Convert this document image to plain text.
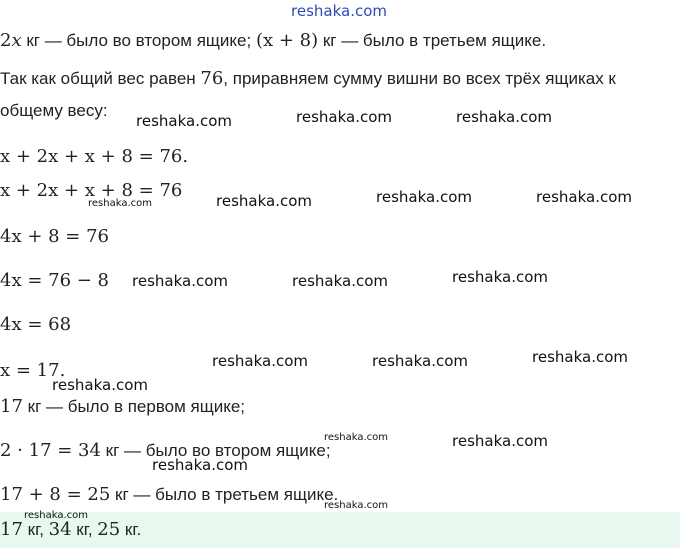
2x кг — было во втором ящике; (x + 8) кг — было в третьем ящике.

Так как общий вес равен 76, приравняем сумму вишни во всех трёх ящиках к

общему весу:

x + 2x + x + 8 = 76.

x + 2x + x + 8 = 76

4x + 8 = 76

4x = 76 − 8

4x = 68

x = 17.

17 кг — было в первом ящике;

2 · 17 = 34 кг — было во втором ящике;

17 + 8 = 25 кг — было в третьем ящике.

17 кг, 34 кг, 25 кг.

reshaka.com
reshaka.com	reshaka.com	reshaka.com
reshaka.com	reshaka.com	reshaka.com	reshaka.com
reshaka.com	reshaka.com	reshaka.com
reshaka.com	reshaka.com	reshaka.com
reshaka.com
reshaka.com	reshaka.com
reshaka.com
reshaka.com
reshaka.com
